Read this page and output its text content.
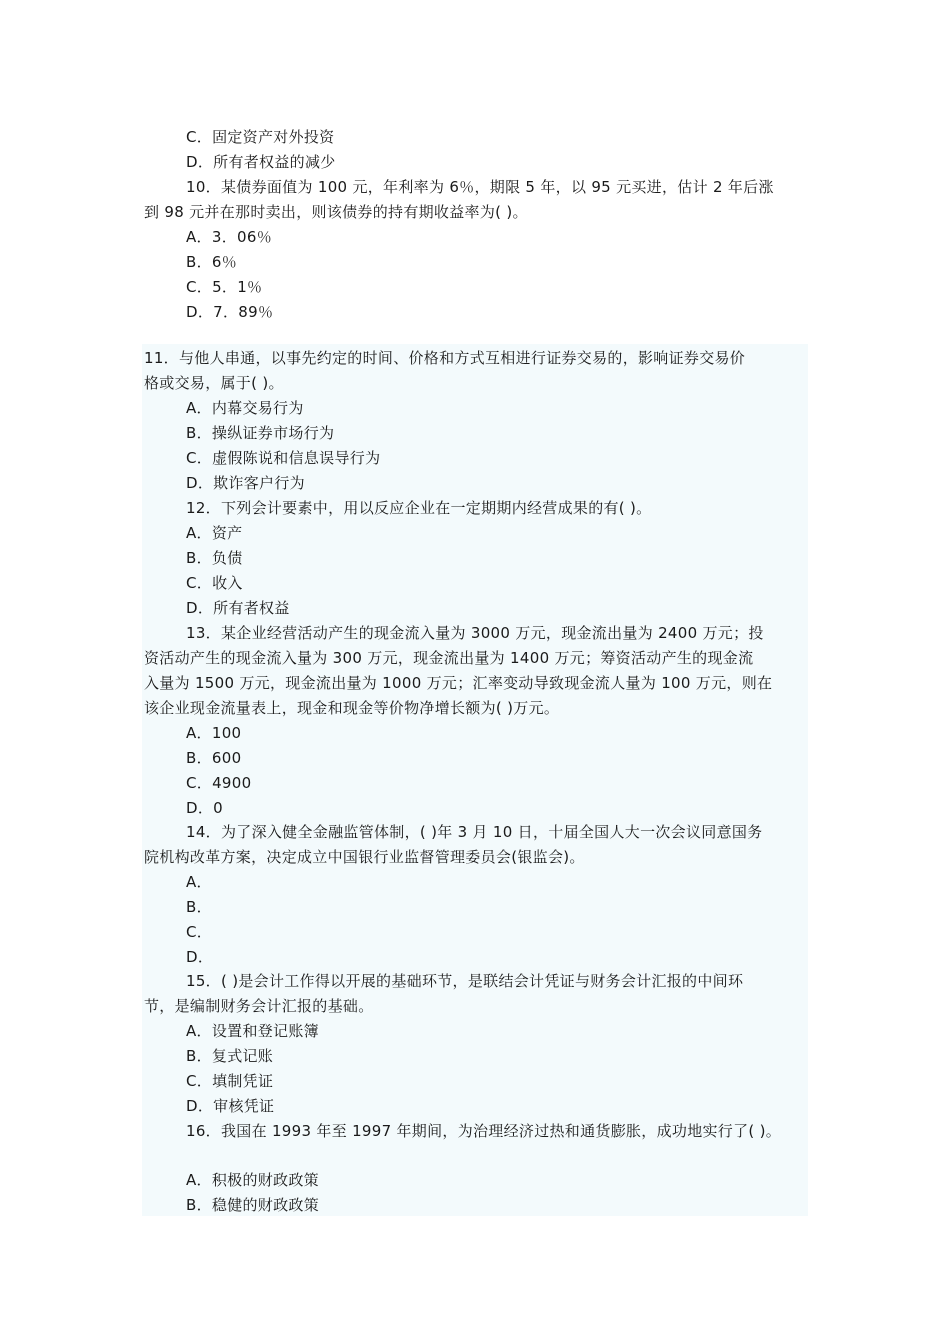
C．固定资产对外投资
D．所有者权益的减少
10．某债券面值为 100 元，年利率为 6％，期限 5 年，以 95 元买进，估计 2 年后涨
到 98 元并在那时卖出，则该债券的持有期收益率为( )。
A．3．06％
B．6％
C．5．1％
D．7．89％
11．与他人串通，以事先约定的时间、价格和方式互相进行证券交易的，影响证券交易价
格或交易，属于( )。
A．内幕交易行为
B．操纵证券市场行为
C．虚假陈说和信息误导行为
D．欺诈客户行为
12．下列会计要素中，用以反应企业在一定期期内经营成果的有( )。
A．资产
B．负债
C．收入
D．所有者权益
13．某企业经营活动产生的现金流入量为 3000 万元，现金流出量为 2400 万元；投
资活动产生的现金流入量为 300 万元，现金流出量为 1400 万元；筹资活动产生的现金流
入量为 1500 万元，现金流出量为 1000 万元；汇率变动导致现金流人量为 100 万元，则在
该企业现金流量表上，现金和现金等价物净增长额为( )万元。
A．100
B．600
C．4900
D．0
14．为了深入健全金融监管体制，( )年 3 月 10 日，十届全国人大一次会议同意国务
院机构改革方案，决定成立中国银行业监督管理委员会(银监会)。
A．
B．
C．
D．
15．( )是会计工作得以开展的基础环节，是联结会计凭证与财务会计汇报的中间环
节，是编制财务会计汇报的基础。
A．设置和登记账簿
B．复式记账
C．填制凭证
D．审核凭证
16．我国在 1993 年至 1997 年期间，为治理经济过热和通货膨胀，成功地实行了( )。
A．积极的财政政策
B．稳健的财政政策
